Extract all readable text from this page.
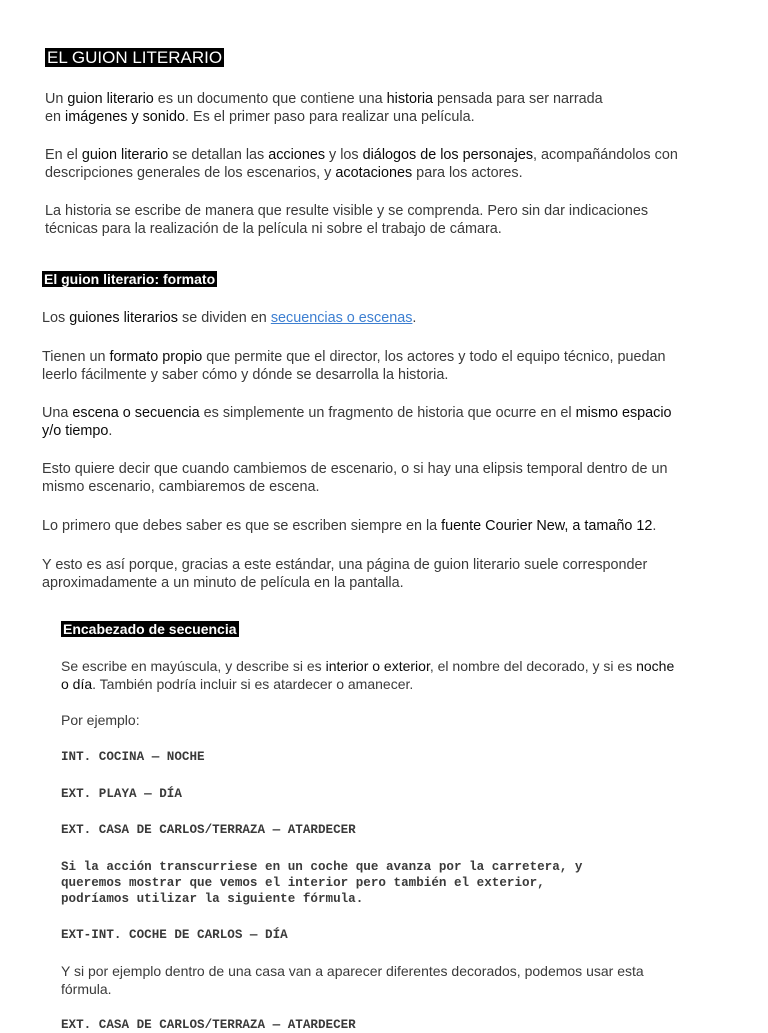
EL GUION LITERARIO
Un guion literario es un documento que contiene una historia pensada para ser narrada
en imágenes y sonido. Es el primer paso para realizar una película.
En el guion literario se detallan las acciones y los diálogos de los personajes, acompañándolos con
descripciones generales de los escenarios, y acotaciones para los actores.
La historia se escribe de manera que resulte visible y se comprenda. Pero sin dar indicaciones
técnicas para la realización de la película ni sobre el trabajo de cámara.
El guion literario: formato
Los guiones literarios se dividen en secuencias o escenas.
Tienen un formato propio que permite que el director, los actores y todo el equipo técnico, puedan
leerlo fácilmente y saber cómo y dónde se desarrolla la historia.
Una escena o secuencia es simplemente un fragmento de historia que ocurre en el mismo espacio
y/o tiempo.
Esto quiere decir que cuando cambiemos de escenario, o si hay una elipsis temporal dentro de un
mismo escenario, cambiaremos de escena.
Lo primero que debes saber es que se escriben siempre en la fuente Courier New, a tamaño 12.
Y esto es así porque, gracias a este estándar, una página de guion literario suele corresponder
aproximadamente a un minuto de película en la pantalla.
Encabezado de secuencia
Se escribe en mayúscula, y describe si es interior o exterior, el nombre del decorado, y si es noche
o día. También podría incluir si es atardecer o amanecer.
Por ejemplo:
INT. COCINA — NOCHE
EXT. PLAYA — DÍA
EXT. CASA DE CARLOS/TERRAZA — ATARDECER
Si la acción transcurriese en un coche que avanza por la carretera, y
queremos mostrar que vemos el interior pero también el exterior,
podríamos utilizar la siguiente fórmula.
EXT-INT. COCHE DE CARLOS — DÍA
Y si por ejemplo dentro de una casa van a aparecer diferentes decorados, podemos usar esta
fórmula.
EXT. CASA DE CARLOS/TERRAZA — ATARDECER
